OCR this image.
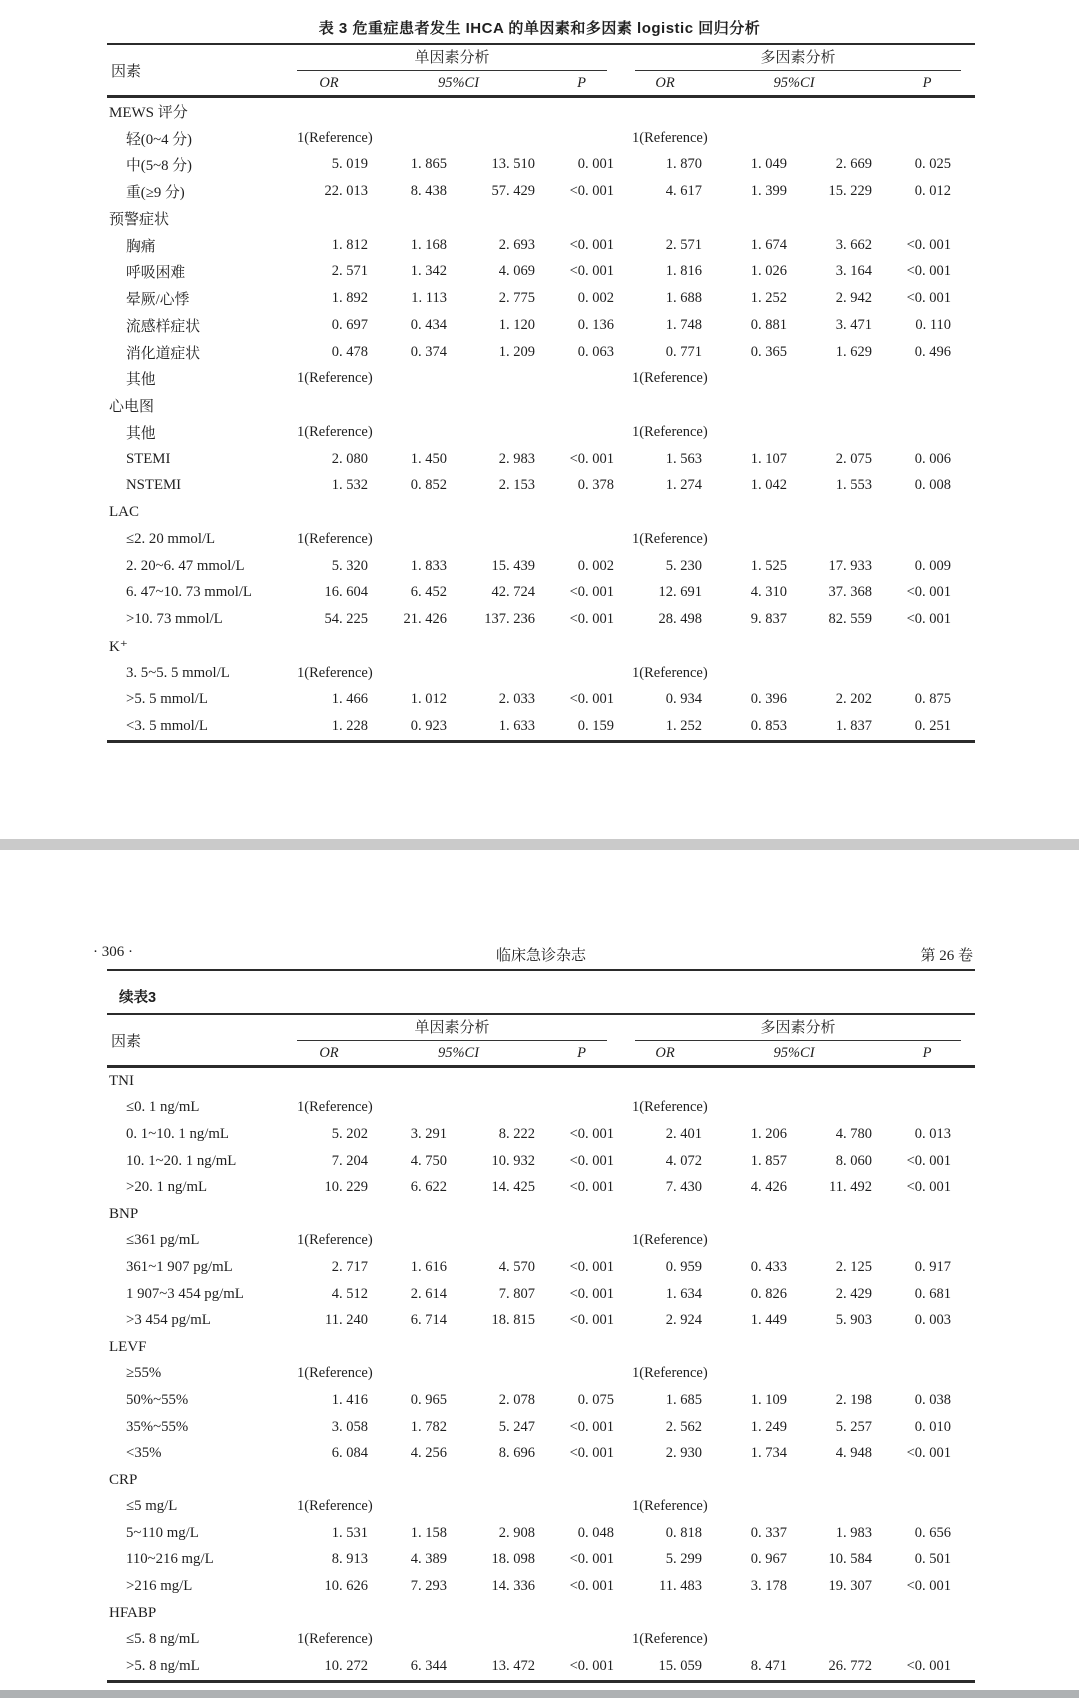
表 3 危重症患者发生 IHCA 的单因素和多因素 logistic 回归分析
因素	单因素分析				多因素分析			

	OR	95%CI		P	OR	95%CI		P
MEWS 评分								
轻(0~4 分)	1(Reference)				1(Reference)			
中(5~8 分)	5. 019	1. 865	13. 510	0. 001	1. 870	1. 049	2. 669	0. 025
重(≥9 分)	22. 013	8. 438	57. 429	<0. 001	4. 617	1. 399	15. 229	0. 012
预警症状								
胸痛	1. 812	1. 168	2. 693	<0. 001	2. 571	1. 674	3. 662	<0. 001
呼吸困难	2. 571	1. 342	4. 069	<0. 001	1. 816	1. 026	3. 164	<0. 001
晕厥/心悸	1. 892	1. 113	2. 775	0. 002	1. 688	1. 252	2. 942	<0. 001
流感样症状	0. 697	0. 434	1. 120	0. 136	1. 748	0. 881	3. 471	0. 110
消化道症状	0. 478	0. 374	1. 209	0. 063	0. 771	0. 365	1. 629	0. 496
其他	1(Reference)				1(Reference)			
心电图								
其他	1(Reference)				1(Reference)			
STEMI	2. 080	1. 450	2. 983	<0. 001	1. 563	1. 107	2. 075	0. 006
NSTEMI	1. 532	0. 852	2. 153	0. 378	1. 274	1. 042	1. 553	0. 008
LAC								
≤2. 20 mmol/L	1(Reference)				1(Reference)			
2. 20~6. 47 mmol/L	5. 320	1. 833	15. 439	0. 002	5. 230	1. 525	17. 933	0. 009
6. 47~10. 73 mmol/L	16. 604	6. 452	42. 724	<0. 001	12. 691	4. 310	37. 368	<0. 001
>10. 73 mmol/L	54. 225	21. 426	137. 236	<0. 001	28. 498	9. 837	82. 559	<0. 001
K⁺								
3. 5~5. 5 mmol/L	1(Reference)				1(Reference)			
>5. 5 mmol/L	1. 466	1. 012	2. 033	<0. 001	0. 934	0. 396	2. 202	0. 875
<3. 5 mmol/L	1. 228	0. 923	1. 633	0. 159	1. 252	0. 853	1. 837	0. 251
· 306 ·	临床急诊杂志	第 26 卷
续表3
因素	单因素分析				多因素分析			

	OR	95%CI		P	OR	95%CI		P
TNI								
≤0. 1 ng/mL	1(Reference)				1(Reference)			
0. 1~10. 1 ng/mL	5. 202	3. 291	8. 222	<0. 001	2. 401	1. 206	4. 780	0. 013
10. 1~20. 1 ng/mL	7. 204	4. 750	10. 932	<0. 001	4. 072	1. 857	8. 060	<0. 001
>20. 1 ng/mL	10. 229	6. 622	14. 425	<0. 001	7. 430	4. 426	11. 492	<0. 001
BNP								
≤361 pg/mL	1(Reference)				1(Reference)			
361~1 907 pg/mL	2. 717	1. 616	4. 570	<0. 001	0. 959	0. 433	2. 125	0. 917
1 907~3 454 pg/mL	4. 512	2. 614	7. 807	<0. 001	1. 634	0. 826	2. 429	0. 681
>3 454 pg/mL	11. 240	6. 714	18. 815	<0. 001	2. 924	1. 449	5. 903	0. 003
LEVF								
≥55%	1(Reference)				1(Reference)			
50%~55%	1. 416	0. 965	2. 078	0. 075	1. 685	1. 109	2. 198	0. 038
35%~55%	3. 058	1. 782	5. 247	<0. 001	2. 562	1. 249	5. 257	0. 010
<35%	6. 084	4. 256	8. 696	<0. 001	2. 930	1. 734	4. 948	<0. 001
CRP								
≤5 mg/L	1(Reference)				1(Reference)			
5~110 mg/L	1. 531	1. 158	2. 908	0. 048	0. 818	0. 337	1. 983	0. 656
110~216 mg/L	8. 913	4. 389	18. 098	<0. 001	5. 299	0. 967	10. 584	0. 501
>216 mg/L	10. 626	7. 293	14. 336	<0. 001	11. 483	3. 178	19. 307	<0. 001
HFABP								
≤5. 8 ng/mL	1(Reference)				1(Reference)			
>5. 8 ng/mL	10. 272	6. 344	13. 472	<0. 001	15. 059	8. 471	26. 772	<0. 001
